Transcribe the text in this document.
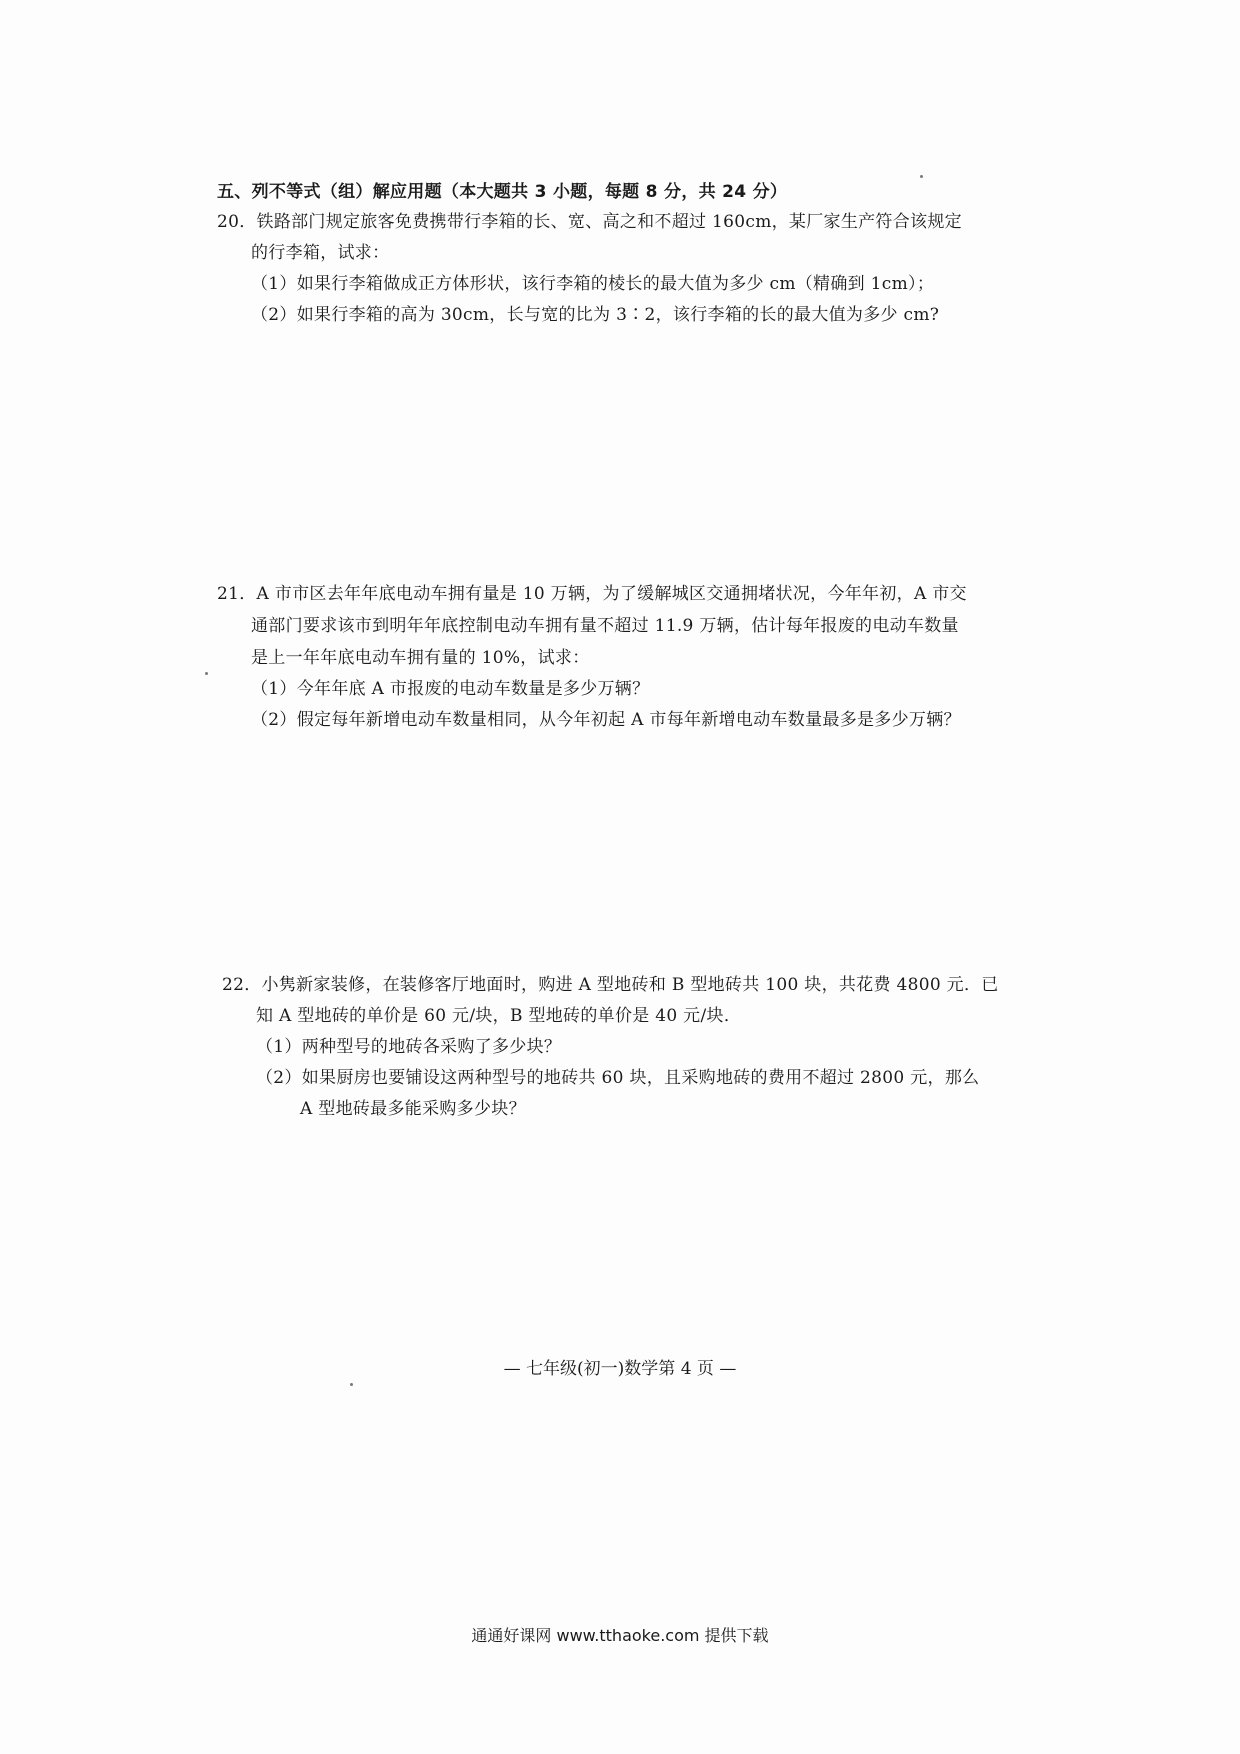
五、列不等式（组）解应用题（本大题共 3 小题，每题 8 分，共 24 分）
20．铁路部门规定旅客免费携带行李箱的长、宽、高之和不超过 160cm，某厂家生产符合该规定
的行李箱，试求：
（1）如果行李箱做成正方体形状，该行李箱的棱长的最大值为多少 cm（精确到 1cm）；
（2）如果行李箱的高为 30cm，长与宽的比为 3∶2，该行李箱的长的最大值为多少 cm?
21．A 市市区去年年底电动车拥有量是 10 万辆，为了缓解城区交通拥堵状况，今年年初，A 市交
通部门要求该市到明年年底控制电动车拥有量不超过 11.9 万辆，估计每年报废的电动车数量
是上一年年底电动车拥有量的 10%，试求：
（1）今年年底 A 市报废的电动车数量是多少万辆？
（2）假定每年新增电动车数量相同，从今年初起 A 市每年新增电动车数量最多是多少万辆？
22．小隽新家装修，在装修客厅地面时，购进 A 型地砖和 B 型地砖共 100 块，共花费 4800 元．已
知 A 型地砖的单价是 60 元/块，B 型地砖的单价是 40 元/块．
（1）两种型号的地砖各采购了多少块？
（2）如果厨房也要铺设这两种型号的地砖共 60 块，且采购地砖的费用不超过 2800 元，那么
A 型地砖最多能采购多少块？
— 七年级(初一)数学第 4 页 —
通通好课网 www.tthaoke.com 提供下载
